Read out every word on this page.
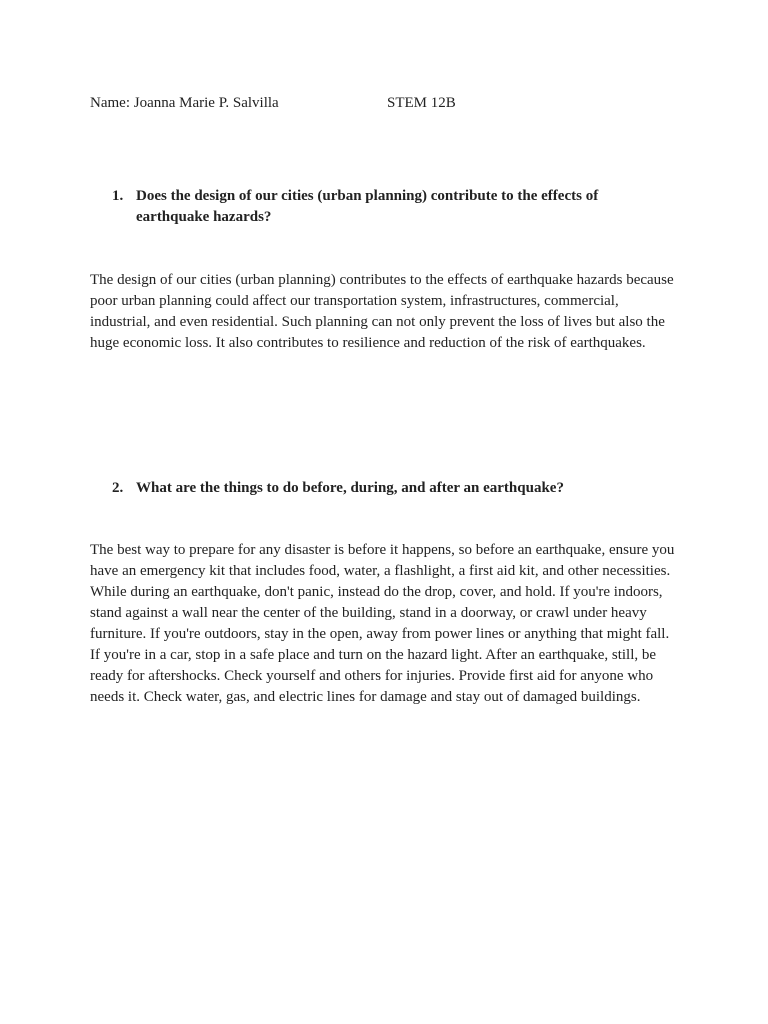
Name: Joanna Marie P. Salvilla	STEM 12B
1. Does the design of our cities (urban planning) contribute to the effects of earthquake hazards?
The design of our cities (urban planning) contributes to the effects of earthquake hazards because poor urban planning could affect our transportation system, infrastructures, commercial, industrial, and even residential. Such planning can not only prevent the loss of lives but also the huge economic loss. It also contributes to resilience and reduction of the risk of earthquakes.
2. What are the things to do before, during, and after an earthquake?
The best way to prepare for any disaster is before it happens, so before an earthquake, ensure you have an emergency kit that includes food, water, a flashlight, a first aid kit, and other necessities. While during an earthquake, don't panic, instead do the drop, cover, and hold. If you're indoors, stand against a wall near the center of the building, stand in a doorway, or crawl under heavy furniture. If you're outdoors, stay in the open, away from power lines or anything that might fall. If you're in a car, stop in a safe place and turn on the hazard light. After an earthquake, still, be ready for aftershocks. Check yourself and others for injuries. Provide first aid for anyone who needs it. Check water, gas, and electric lines for damage and stay out of damaged buildings.
